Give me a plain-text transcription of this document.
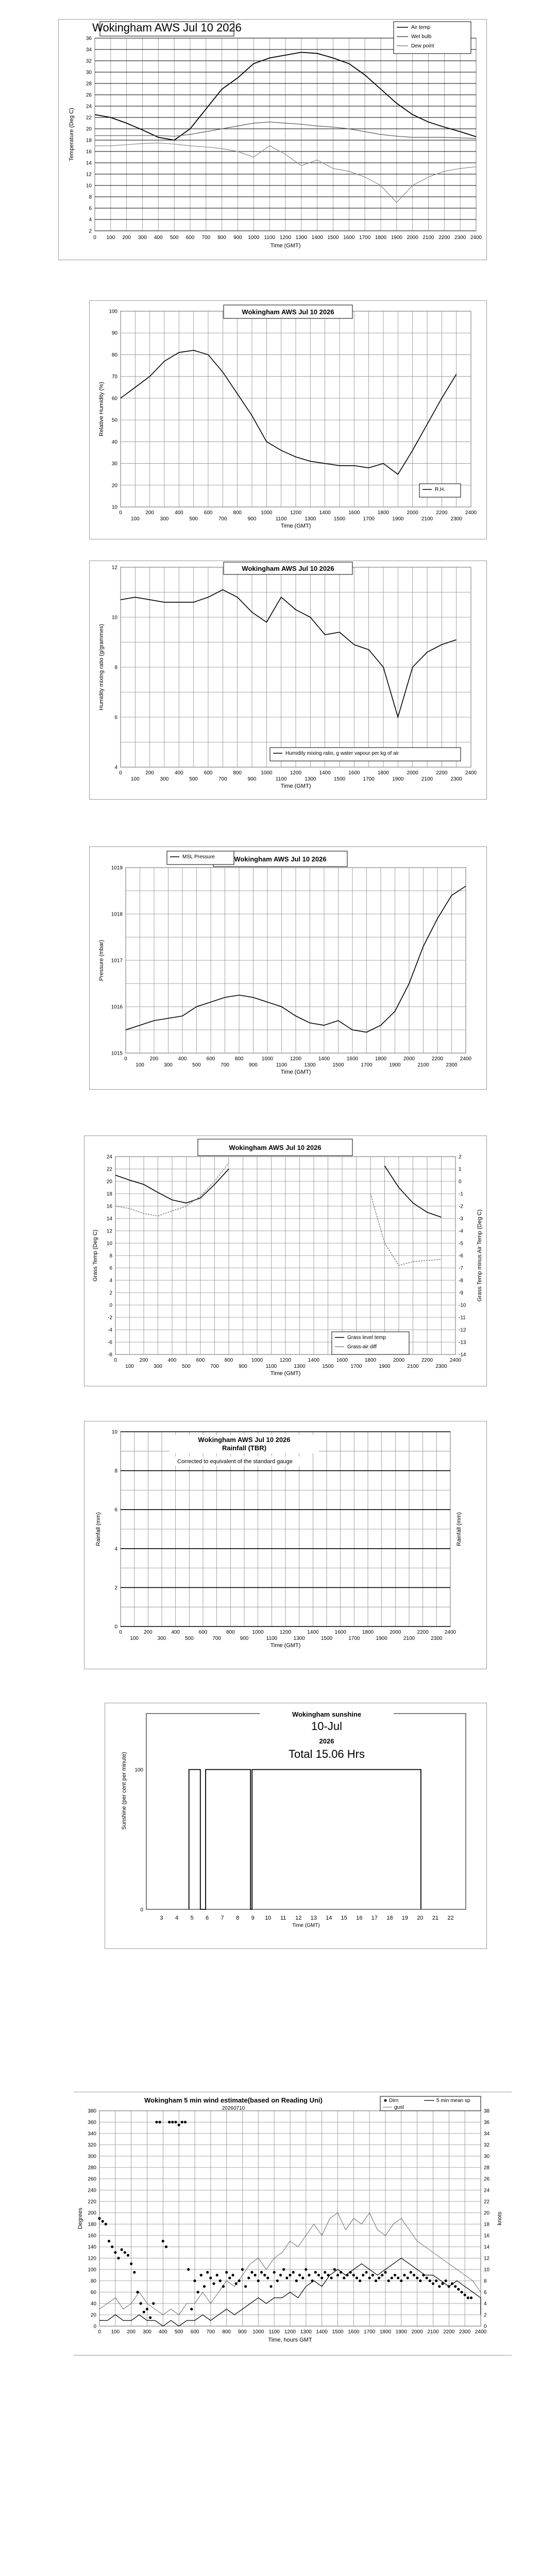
2
4
6
8
10
12
14
16
18
20
22
24
26
28
30
32
34
36
0 100 200 300 400 500 600 700 800 900 1000 1100 1200 1300 1400 1500 1600 1700 1800 1900 2000 2100 2200 2300 2400
Time (GMT)
Temperature (Deg C)
Wokingham AWS Jul 10 2026	Air temp
Wet bulb
Dew point
10
20
30
40
50
60
70
80
90
100
0	200	400	600	800	1000	1200	1400	1600	1800	2000	2200	2400
100	300	500	700	900	1100	1300	1500	1700	1900	2100	2300
Time (GMT)
Relative Humidity (%)
Wokingham AWS Jul 10 2026
R.H.
4
6
8
10
12
0	200	400	600	800	1000	1200	1400	1600	1800	2000	2200	2400
100	300	500	700	900	1100	1300	1500	1700	1900	2100	2300
Time (GMT)
Humidity mixing ratio (g/grammes)
Wokingham AWS Jul 10 2026
Humidity mixing ratio, g water vapour per kg of air
1015
1016
1017
1018
1019
0	200	400	600	800	1000	1200	1400	1600	1800	2000	2200	2400
100	300	500	700	900	1100	1300	1500	1700	1900	2100	2300
Time (GMT)
Pressure (mbar)
Wokingham AWS Jul 10 2026
MSL Pressure
-8
-6
-4
-2
0
2
4
6
8
10
12
14
16
18
20
22
24
-14
-13
-12
-11
-10
-9
-8
-7
-6
-5
-4
-3
-2
-1
0
1
2
0	200	400	600	800	1000	1200	1400	1600	1800	2000	2200	2400
100	300	500	700	900	1100	1300	1500	1700	1900	2100	2300
Time (GMT)
Grass Temp (Deg C)	Grass Temp minus Air Temp (Deg C)
Wokingham AWS Jul 10 2026
Grass level temp
Grass-air diff
0
2
4
6
8
10
0	200	400	600	800	1000	1200	1400	1600	1800	2000	2200	2400
100	300	500	700	900	1100	1300	1500	1700	1900	2100	2300
Time (GMT)
Rainfall (mm)	Rainfall (mm)
Wokingham AWS Jul 10 2026
Rainfall (TBR)
Corrected to equivalent of the standard gauge
3 4 5 6 7 8 9 10 11 12 13 14 15 16 17 18 19 20 21 22
0
100
Time (GMT)
Sunshine (per cent per minute)
Wokingham sunshine
10-Jul
2026
Total 15.06 Hrs
0
20
40
60
80
100
120
140
160
180
200
220
240
260
280
300
320
340
360
380
0
2
4
6
8
10
12
14
16
18
20
22
24
26
28
30
32
34
36
38
0 100 200 300 400 500 600 700 800 900 1000 1100 1200 1300 1400 1500 1600 1700 1800 1900 2000 2100 2200 2300 2400
Time, hours GMT
Degrees	knots
Wokingham 5 min wind estimate(based on Reading Uni)
20260710
Dirn	5 min mean sp
gust
